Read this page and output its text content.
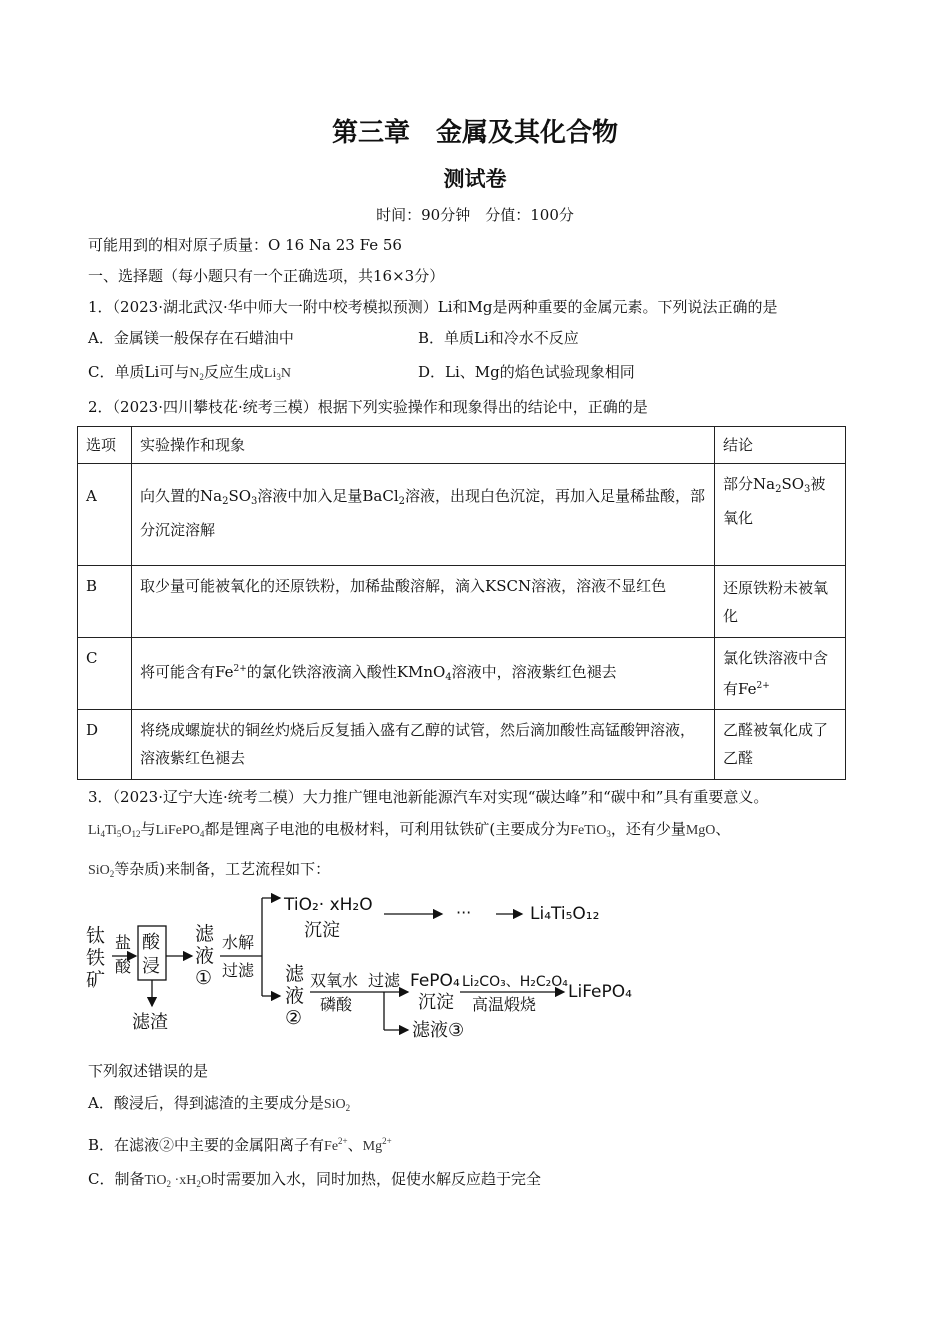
第三章　金属及其化合物
测试卷
时间：90分钟　分值：100分
可能用到的相对原子质量：O 16 Na 23 Fe 56
一、选择题（每小题只有一个正确选项，共16×3分）
1．（2023·湖北武汉·华中师大一附中校考模拟预测）Li和Mg是两种重要的金属元素。下列说法正确的是
A．金属镁一般保存在石蜡油中	B．单质Li和冷水不反应
C．单质Li可与$N_2$反应生成$Li_3N$	D．Li、Mg的焰色试验现象相同
2．（2023·四川攀枝花·统考三模）根据下列实验操作和现象得出的结论中，正确的是
选项	实验操作和现象	结论
A	向久置的$Na_2SO_3$溶液中加入足量BaCl$_2$溶液，出现白色沉淀，再加入足量稀盐酸，部分沉淀溶解	部分$Na_2SO_3$被氧化
B	取少量可能被氧化的还原铁粉，加稀盐酸溶解，滴入KSCN溶液，溶液不显红色	还原铁粉未被氧化
C	将可能含有$Fe^{2+}$的氯化铁溶液滴入酸性KMnO$_4$溶液中，溶液紫红色褪去	氯化铁溶液中含有$Fe^{2+}$
D	将绕成螺旋状的铜丝灼烧后反复插入盛有乙醇的试管，然后滴加酸性高锰酸钾溶液，溶液紫红色褪去	乙醛被氧化成了乙醛
3．（2023·辽宁大连·统考二模）大力推广锂电池新能源汽车对实现“碳达峰”和“碳中和”具有重要意义。
$Li_4Ti_5O_{12}$与LiFePO$_4$都是锂离子电池的电极材料，可利用钛铁矿(主要成分为FeTiO$_3$，还有少量MgO、
SiO$_2$等杂质)来制备，工艺流程如下：
钛
铁
矿
盐
酸
酸
浸
滤渣
滤
液
①
水解
过滤
TiO₂· xH₂O
沉淀
···	Li₄Ti₅O₁₂
滤
液
②
双氧水
磷酸
过滤
滤液③
FePO₄
沉淀
Li₂CO₃、H₂C₂O₄
高温煅烧
LiFePO₄
下列叙述错误的是
A．酸浸后，得到滤渣的主要成分是SiO$_2$
B．在滤液②中主要的金属阳离子有$Fe^{2+}$、$Mg^{2+}$
C．制备$TiO_2 \cdot xH_2O$时需要加入水，同时加热，促使水解反应趋于完全
